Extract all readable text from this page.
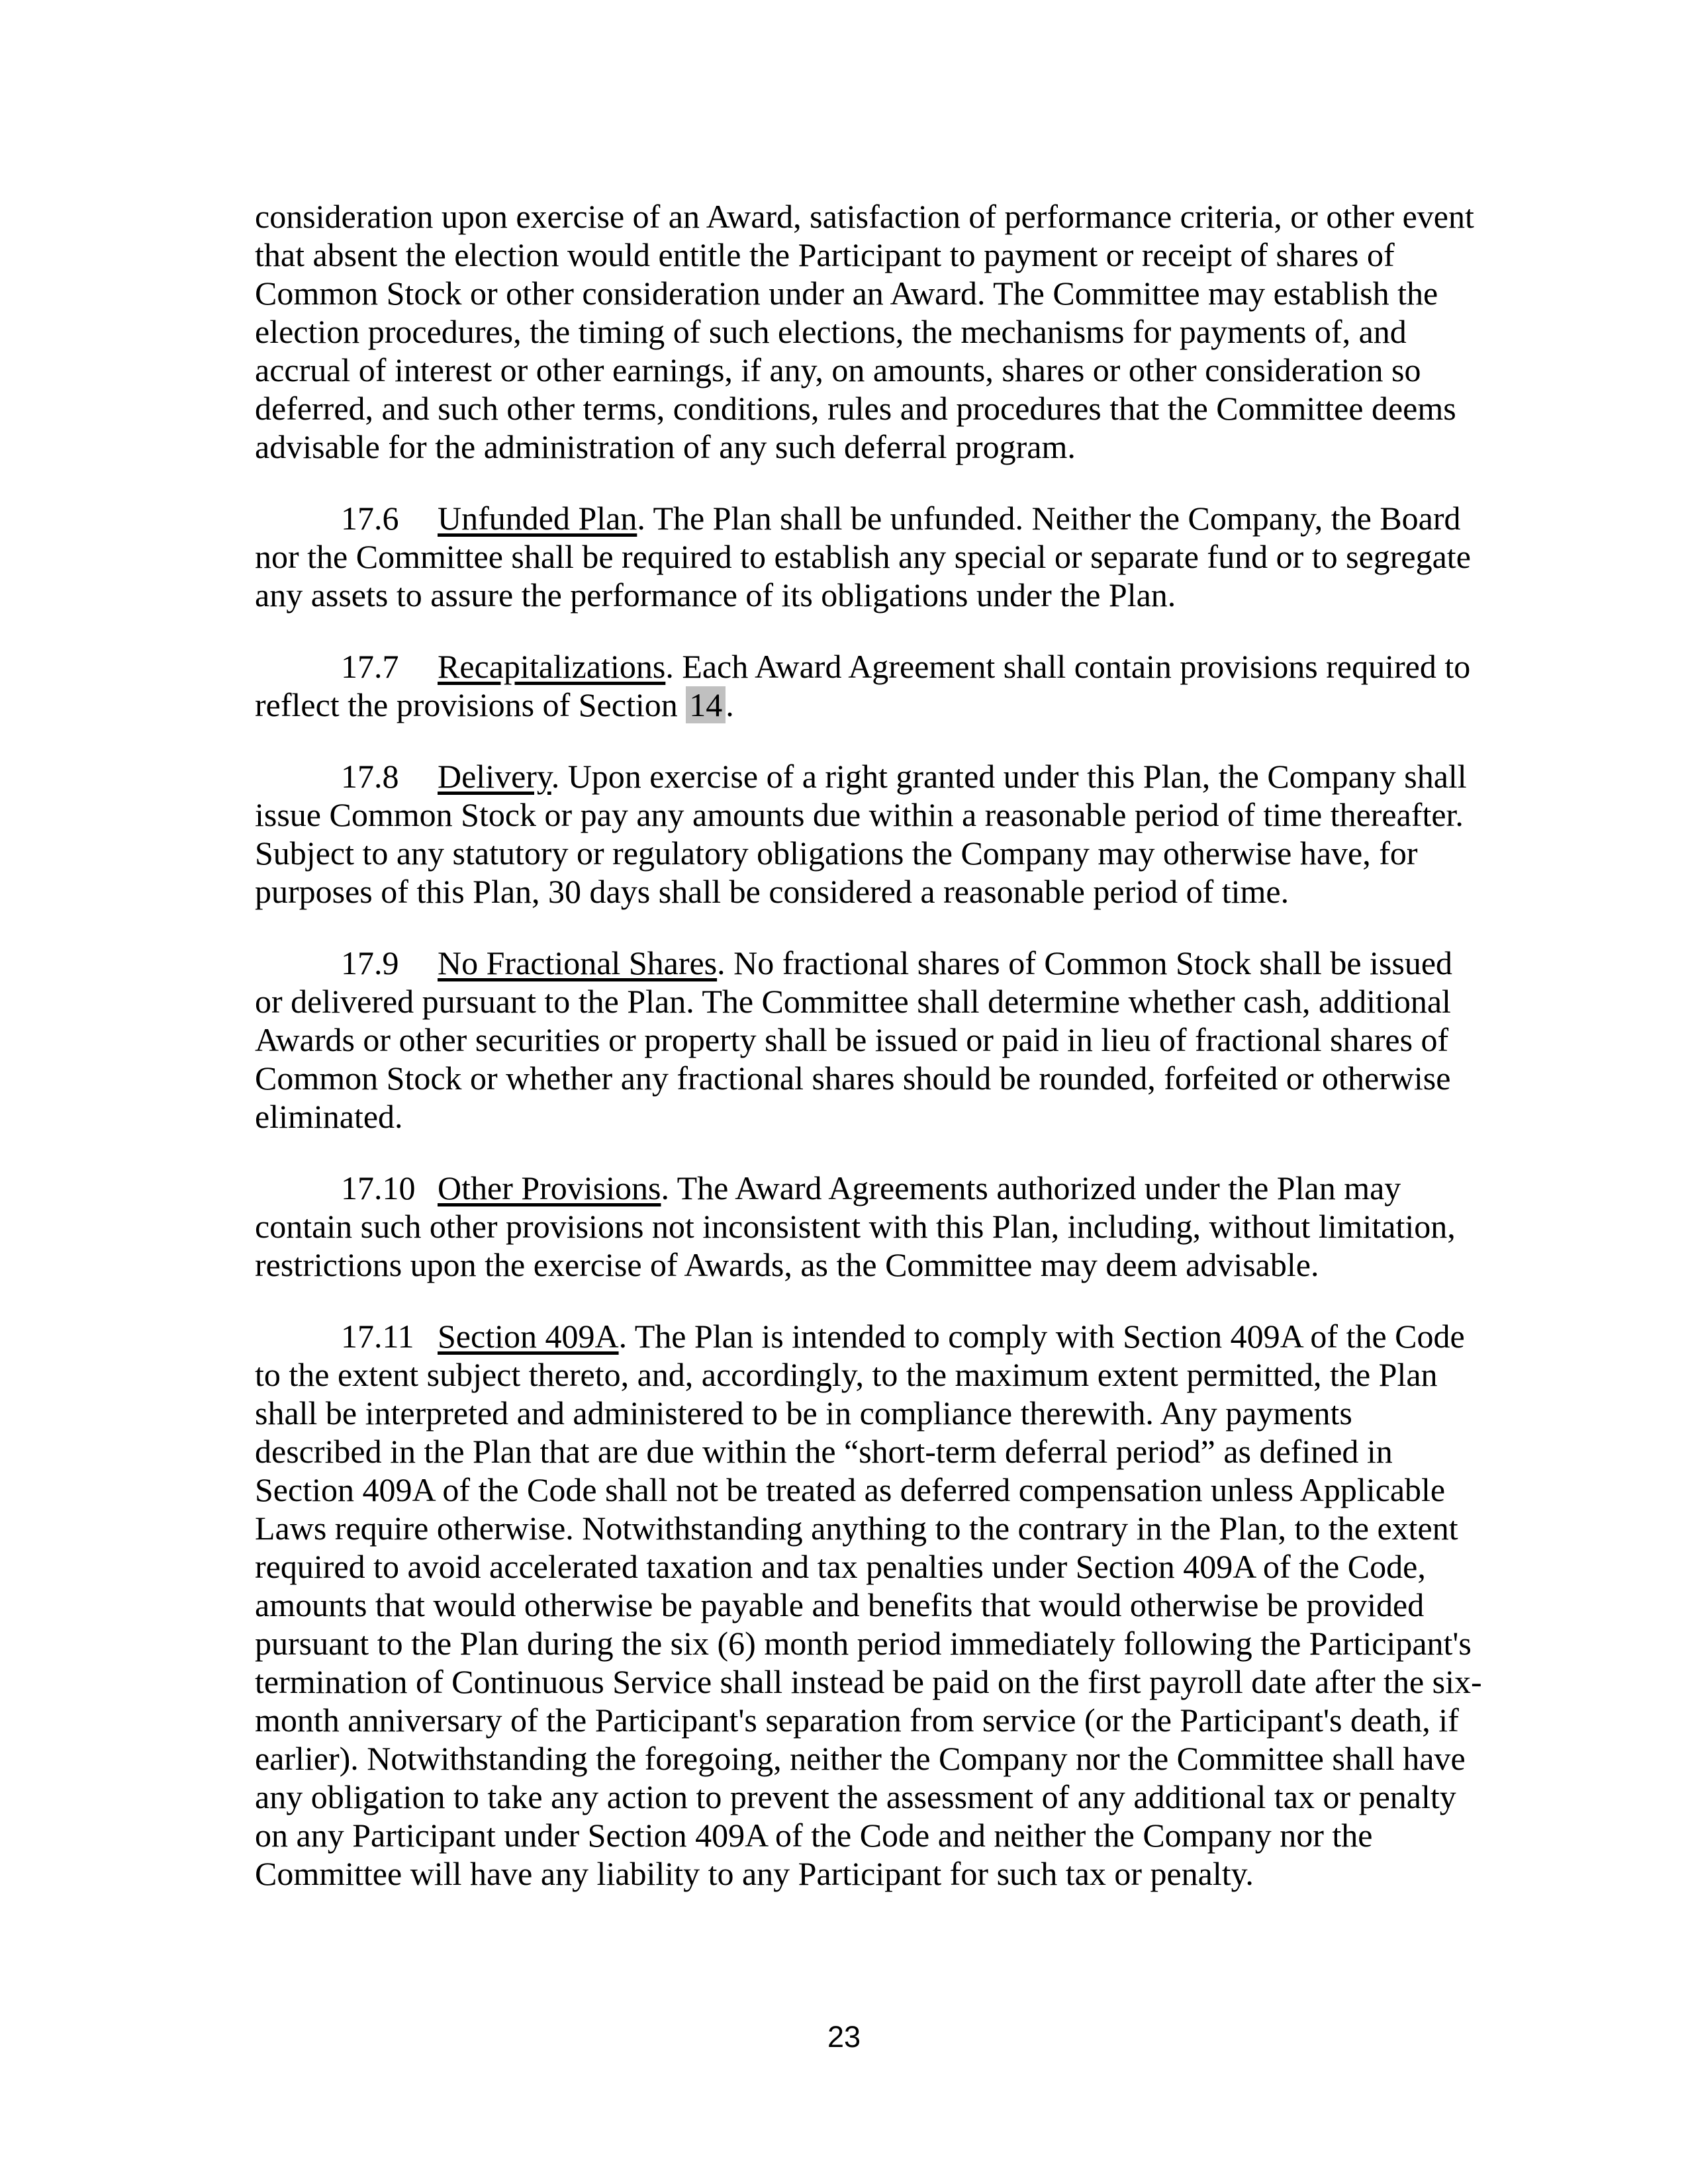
consideration upon exercise of an Award, satisfaction of performance criteria, or other event that absent the election would entitle the Participant to payment or receipt of shares of Common Stock or other consideration under an Award. The Committee may establish the election procedures, the timing of such elections, the mechanisms for payments of, and accrual of interest or other earnings, if any, on amounts, shares or other consideration so deferred, and such other terms, conditions, rules and procedures that the Committee deems advisable for the administration of any such deferral program.

17.6 Unfunded Plan. The Plan shall be unfunded. Neither the Company, the Board nor the Committee shall be required to establish any special or separate fund or to segregate any assets to assure the performance of its obligations under the Plan.

17.7 Recapitalizations. Each Award Agreement shall contain provisions required to reflect the provisions of Section 14 .

17.8 Delivery. Upon exercise of a right granted under this Plan, the Company shall issue Common Stock or pay any amounts due within a reasonable period of time thereafter. Subject to any statutory or regulatory obligations the Company may otherwise have, for purposes of this Plan, 30 days shall be considered a reasonable period of time.

17.9 No Fractional Shares. No fractional shares of Common Stock shall be issued or delivered pursuant to the Plan. The Committee shall determine whether cash, additional Awards or other securities or property shall be issued or paid in lieu of fractional shares of Common Stock or whether any fractional shares should be rounded, forfeited or otherwise eliminated.

17.10 Other Provisions. The Award Agreements authorized under the Plan may contain such other provisions not inconsistent with this Plan, including, without limitation, restrictions upon the exercise of Awards, as the Committee may deem advisable.

17.11 Section 409A. The Plan is intended to comply with Section 409A of the Code to the extent subject thereto, and, accordingly, to the maximum extent permitted, the Plan shall be interpreted and administered to be in compliance therewith. Any payments described in the Plan that are due within the “short-term deferral period” as defined in Section 409A of the Code shall not be treated as deferred compensation unless Applicable Laws require otherwise. Notwithstanding anything to the contrary in the Plan, to the extent required to avoid accelerated taxation and tax penalties under Section 409A of the Code, amounts that would otherwise be payable and benefits that would otherwise be provided pursuant to the Plan during the six (6) month period immediately following the Participant's termination of Continuous Service shall instead be paid on the first payroll date after the six-month anniversary of the Participant's separation from service (or the Participant's death, if earlier). Notwithstanding the foregoing, neither the Company nor the Committee shall have any obligation to take any action to prevent the assessment of any additional tax or penalty on any Participant under Section 409A of the Code and neither the Company nor the Committee will have any liability to any Participant for such tax or penalty.

23
